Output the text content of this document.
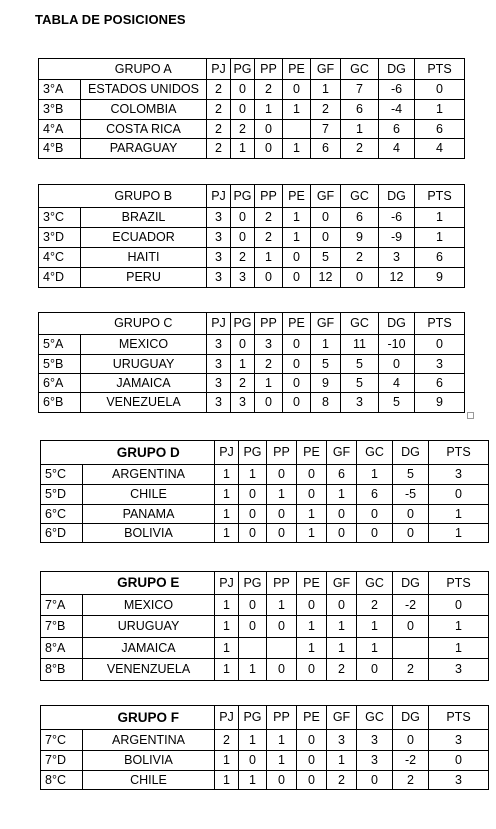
TABLA DE POSICIONES
	GRUPO A	PJ	PG	PP	PE	GF	GC	DG	PTS
3°A	ESTADOS UNIDOS	2	0	2	0	1	7	-6	0
3°B	COLOMBIA	2	0	1	1	2	6	-4	1
4°A	COSTA RICA	2	2	0		7	1	6	6
4°B	PARAGUAY	2	1	0	1	6	2	4	4
	GRUPO B	PJ	PG	PP	PE	GF	GC	DG	PTS
3°C	BRAZIL	3	0	2	1	0	6	-6	1
3°D	ECUADOR	3	0	2	1	0	9	-9	1
4°C	HAITI	3	2	1	0	5	2	3	6
4°D	PERU	3	3	0	0	12	0	12	9
	GRUPO C	PJ	PG	PP	PE	GF	GC	DG	PTS
5°A	MEXICO	3	0	3	0	1	11	-10	0
5°B	URUGUAY	3	1	2	0	5	5	0	3
6°A	JAMAICA	3	2	1	0	9	5	4	6
6°B	VENEZUELA	3	3	0	0	8	3	5	9
	GRUPO D	PJ	PG	PP	PE	GF	GC	DG	PTS
5°C	ARGENTINA	1	1	0	0	6	1	5	3
5°D	CHILE	1	0	1	0	1	6	-5	0
6°C	PANAMA	1	0	0	1	0	0	0	1
6°D	BOLIVIA	1	0	0	1	0	0	0	1
	GRUPO E	PJ	PG	PP	PE	GF	GC	DG	PTS
7°A	MEXICO	1	0	1	0	0	2	-2	0
7°B	URUGUAY	1	0	0	1	1	1	0	1
8°A	JAMAICA	1			1	1	1		1
8°B	VENENZUELA	1	1	0	0	2	0	2	3
	GRUPO F	PJ	PG	PP	PE	GF	GC	DG	PTS
7°C	ARGENTINA	2	1	1	0	3	3	0	3
7°D	BOLIVIA	1	0	1	0	1	3	-2	0
8°C	CHILE	1	1	0	0	2	0	2	3
